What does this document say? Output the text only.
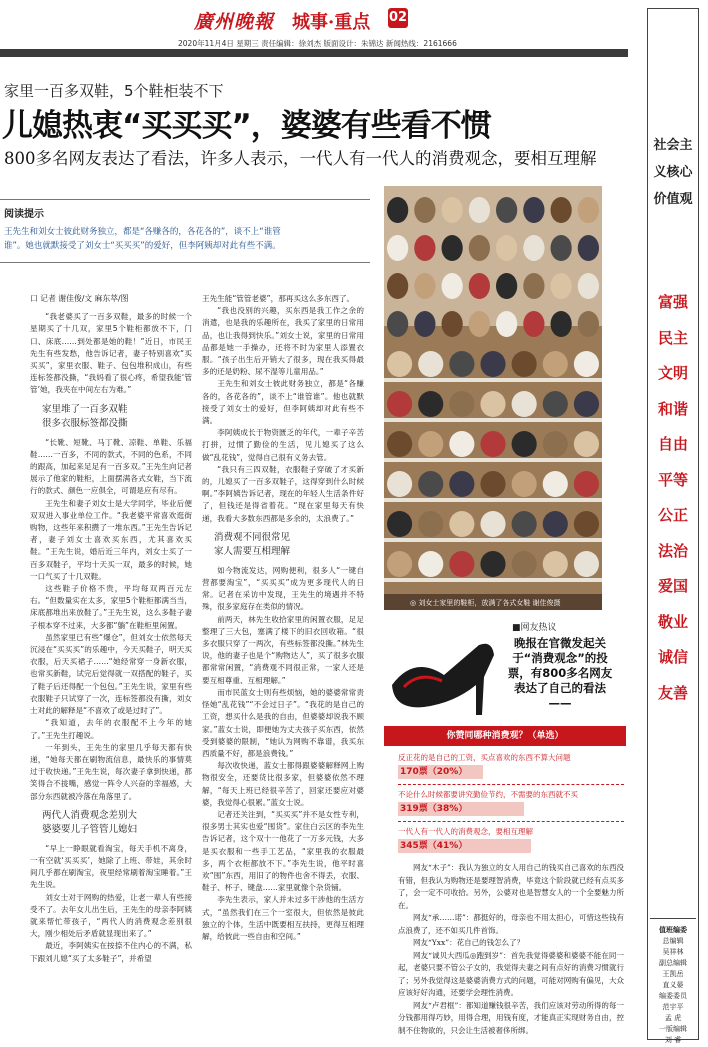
廣州晚報 城事·重点 02
2020年11月4日 星期三 责任编辑：徐刘杰 版面设计：朱锦达 新闻热线：2161666
家里一百多双鞋，5个鞋柜装不下
儿媳热衷“买买买”，婆婆有些看不惯
800多名网友表达了看法，许多人表示，一代人有一代人的消费观念，要相互理解
阅读提示
王先生和刘女士彼此财务独立，都是“各赚各的，各花各的”，谈不上“谁管谁”。她也就默接受了刘女士“买买买”的爱好，但李阿姨却对此有些不满。

口 记者 谢佳俊/文 麻东萃/图

“我老婆买了一百多双鞋，最多的时候一个星期买了十几双，家里5个鞋柜都放不下，门口、床底……到处都是她的鞋！”近日，市民王先生有些发愁，他告诉记者，妻子特别喜欢“买买买”，家里衣服、鞋子、包包堆积成山，有些连标签都没撕，“我妈看了很心疼，希望我能‘管管’她，我夹在中间左右为难。”

家里堆了一百多双鞋
很多衣服标签都没撕

“长靴、短靴、马丁靴、凉鞋、单鞋、乐福鞋……一百多，不同的款式，不同的色系，不同的跟高，加起来足足有一百多双。”王先生向记者展示了他家的鞋柜，上面摆满各式女鞋，当下流行的款式、颜色一应俱全，可谓是应有尽有。

王先生和妻子刘女士是大学同学，毕业后便双双进入事业单位工作。“我老婆平常喜欢逛街购物，这些年来积攒了一堆东西。”王先生告诉记者，妻子刘女士喜欢买东西，尤其喜欢买鞋。“王先生说，婚后近三年内，刘女士买了一百多双鞋子，平均十天买一双，最多的时候，她一口气买了十几双鞋。

这些鞋子价格不贵，平均每双两百元左右。“但数量实在太多，家里5个鞋柜都满当当，床底都堆出来放鞋了。”王先生说，这么多鞋子妻子根本穿不过来，大多都“躺”在鞋柜里闲置。

虽然家里已有些“爆仓”，但刘女士依然每天沉浸在“买买买”的乐趣中，今天买鞋子，明天买衣服，后天买裙子……“她经常穿一身新衣服，也常买新鞋，试完后觉得就一双搭配的鞋子，买了鞋子后还得配一个包包。”王先生说，家里有些衣服鞋子只试穿了一次，连标签都没有撕，刘女士对此的解释是“不喜欢了或是过时了”。

“我知道，去年的衣服配不上今年的她了。”王先生打趣说。

一年到头，王先生的家里几乎每天都有快递，“她每天都在刷物流信息，最快乐的事情莫过于收快递。”王先生说，每次妻子拿到快递，都笑得合不拢嘴，感觉一阵令人兴奋的幸福感，大部分东西就被冷落在角落里了。

两代人消费观念差别大
婆婆要儿子管管儿媳妇

“早上一睁眼就看淘宝，每天手机不离身，一有空就‘买买买’，她除了上班、带娃，其余时间几乎都在刷淘宝，夜里经常刷着淘宝睡着。”王先生说。

刘女士对于网购的热爱，让老一辈人有些接受不了。去年女儿出生后，王先生的母亲李阿姨就来帮忙带孩子，“两代人的消费观念差别很大，刚少相处后矛盾就显现出来了。”

最近，李阿姨实在按捺不住内心的不满，私下跟刘儿媳“买了太多鞋子”，并希望

王先生能“管管老婆”，那再买这么多东西了。

“我也没别的兴趣，买东西是我工作之余的消遣，也是我的乐趣所在，我买了家里的日常用品，也让我得到快乐。”刘女士说，家里的日常用品都是她一手操办，还将不时为家里人添置衣服。“孩子出生后开销大了很多，现在我买得最多的还是奶粉、尿不湿等儿童用品。”

王先生和刘女士彼此财务独立，都是“各赚各的，各花各的”，谈不上“谁管谁”。他也就默接受了刘女士的爱好，但李阿姨却对此有些不满。

李阿姨成长于物资匮乏的年代，一辈子辛苦打拼，过惯了勤俭的生活，见儿媳买了这么做“乱花钱”，觉得自己很有义务去管。

“我只有三四双鞋，衣服鞋子穿破了才买新的，儿媳买了一百多双鞋子，这得穿到什么时候啊。”李阿姨告诉记者，现在的年轻人生活条件好了，但钱还是得省着花。“现在家里每天有快递，我看大多数东西都是多余的，太浪费了。”

消费观不同很常见
家人需要互相理解

如今物流发达，网购便利，很多人“一键自营都要淘宝”，“买买买”成为更多现代人的日常。记者在采访中发现，王先生的境遇并不特殊，很多家庭存在类似的情况。

前两天，林先生收拾家里的闲置衣服，足足整理了三大包，塞满了楼下的旧衣回收箱。“很多衣服只穿了一两次，有些标签都没撕。”林先生说，他的妻子也是个“购物达人”，买了很多衣服都常常闲置，“消费观不同很正常，一家人还是要互相尊重、互相理解。”

而市民蓝女士则有些烦恼，她的婆婆常常责怪她“乱花钱”“不会过日子”。“我花的是自己的工资，想买什么是我的自由，但婆婆却说我不顾家。”蓝女士说，即便她为丈夫孩子买东西，依然受到婆婆的限制，“她认为网购不靠谱，我买东西质量不好，都是浪费钱。”

每次收快递，蓝女士都得跟婆婆解释网上购物很安全，还要货比很多家，但婆婆依然不理解，“每天上班已经很辛苦了，回家还要应对婆婆，我觉得心很累。”蓝女士说。

记者还关注到，“买买买”并不是女性专利，很多男士其实也爱“囤货”。家住白云区的李先生告诉记者，这个双十一他花了一万多元钱，大多是买衣服和一些手工艺品，“家里我的衣服最多，两个衣柜都放不下。”李先生说，他平时喜欢“囤”东西，用旧了的物件也舍不得丢，衣服、鞋子、杯子、键盘……家里就像个杂货铺。

李先生表示，家人并未过多干涉他的生活方式，“虽然我们在三个一室很大，但依然是彼此独立的个体，生活中既要相互扶持，更得互相理解，给彼此一些自由和空间。”

◎ 刘女士家里的鞋柜，放满了各式女鞋 谢佳俊摄
■网友热议
晚报在官微发起关于“消费观念”的投票，有800多名网友表达了自己的看法——
你赞同哪种消费观？（单选）
反正花的是自己的工资，买点喜欢的东西不算大问题
170票（20%）
不论什么时候都要讲究勤俭节约，不需要的东西就不买
319票（38%）
一代人有一代人的消费观念，要相互理解
345票（41%）

网友“木子”：我认为独立的女人用自己的钱买自己喜欢的东西没有错，但我认为购物还是要理智消费，毕竟这个阶段就已经有点买多了，会一定不可收拾。另外，公婆对也是智慧女人的一个全要魅力所在。

网友“承……诺”：都挺好的，母亲也不用太担心，可惜这些钱有点浪费了，还不如买几件首饰。

网友“Yxx”：花自己的钱怎么了？

网友“诚贝大西瓜◎跑到岁”：首先我觉得婆婆和婆婆不能在同一起，老婆只要不管公子女的，我觉得夫妻之间有点好的消费习惯就行了；另外我觉得这是婆婆消费方式的问题，可能对网购有偏见，大众应该好好沟通，还要学会理性消费。

网友“卢君框”：都知道赚钱很辛苦，我们应该对劳动所得的每一分钱都用得巧妙，用得合理，用钱有度，才能真正实现财务自由，控制不住物欲的，只会让生活被奢侈所绑。

社会主义核心价值观
富强
民主
文明
和谐
自由
平等
公正
法治
爱国
敬业
诚信
友善
值班编委
总编辑
吴祥林
副总编辑
王凯岳
直义晏
编委委员
范宇平
孟 虎
一版编辑
刘 睿
